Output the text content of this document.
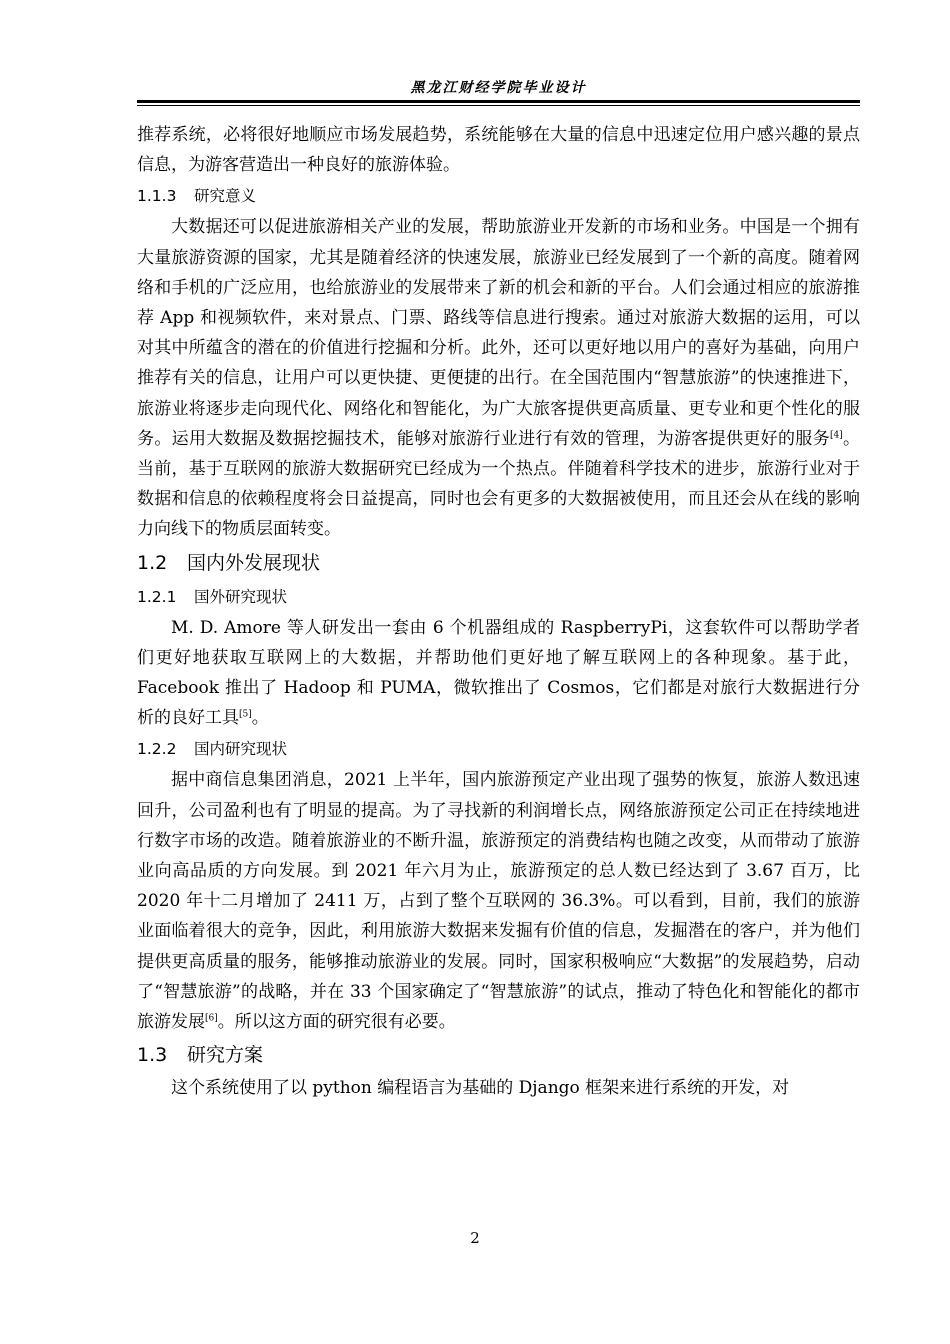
黑龙江财经学院毕业设计

推荐系统，必将很好地顺应市场发展趋势，系统能够在大量的信息中迅速定位用户感兴趣的景点信息，为游客营造出一种良好的旅游体验。

1.1.3 研究意义

大数据还可以促进旅游相关产业的发展，帮助旅游业开发新的市场和业务。中国是一个拥有大量旅游资源的国家，尤其是随着经济的快速发展，旅游业已经发展到了一个新的高度。随着网络和手机的广泛应用，也给旅游业的发展带来了新的机会和新的平台。人们会通过相应的旅游推荐 App 和视频软件，来对景点、门票、路线等信息进行搜索。通过对旅游大数据的运用，可以对其中所蕴含的潜在的价值进行挖掘和分析。此外，还可以更好地以用户的喜好为基础，向用户推荐有关的信息，让用户可以更快捷、更便捷的出行。在全国范围内“智慧旅游”的快速推进下，旅游业将逐步走向现代化、网络化和智能化，为广大旅客提供更高质量、更专业和更个性化的服务。运用大数据及数据挖掘技术，能够对旅游行业进行有效的管理，为游客提供更好的服务[4]。当前，基于互联网的旅游大数据研究已经成为一个热点。伴随着科学技术的进步，旅游行业对于数据和信息的依赖程度将会日益提高，同时也会有更多的大数据被使用，而且还会从在线的影响力向线下的物质层面转变。

1.2 国内外发展现状

1.2.1 国外研究现状

M. D. Amore 等人研发出一套由 6 个机器组成的 RaspberryPi，这套软件可以帮助学者们更好地获取互联网上的大数据，并帮助他们更好地了解互联网上的各种现象。基于此， Facebook 推出了 Hadoop 和 PUMA，微软推出了 Cosmos，它们都是对旅行大数据进行分析的良好工具[5]。

1.2.2 国内研究现状

据中商信息集团消息，2021 上半年，国内旅游预定产业出现了强势的恢复，旅游人数迅速回升，公司盈利也有了明显的提高。为了寻找新的利润增长点，网络旅游预定公司正在持续地进行数字市场的改造。随着旅游业的不断升温，旅游预定的消费结构也随之改变，从而带动了旅游业向高品质的方向发展。到 2021 年六月为止，旅游预定的总人数已经达到了 3.67 百万，比 2020 年十二月增加了 2411 万，占到了整个互联网的 36.3%。可以看到，目前，我们的旅游业面临着很大的竞争，因此，利用旅游大数据来发掘有价值的信息，发掘潜在的客户，并为他们提供更高质量的服务，能够推动旅游业的发展。同时，国家积极响应“大数据”的发展趋势，启动了“智慧旅游”的战略，并在 33 个国家确定了“智慧旅游”的试点，推动了特色化和智能化的都市旅游发展[6]。所以这方面的研究很有必要。

1.3 研究方案

这个系统使用了以 python 编程语言为基础的 Django 框架来进行系统的开发，对

2
